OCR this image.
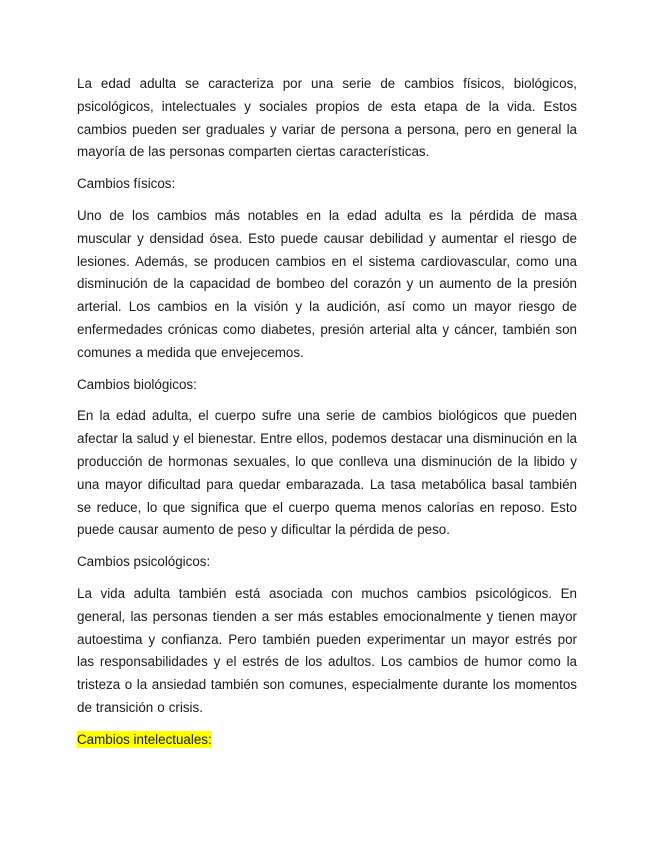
La edad adulta se caracteriza por una serie de cambios físicos, biológicos, psicológicos, intelectuales y sociales propios de esta etapa de la vida. Estos cambios pueden ser graduales y variar de persona a persona, pero en general la mayoría de las personas comparten ciertas características.

Cambios físicos:

Uno de los cambios más notables en la edad adulta es la pérdida de masa muscular y densidad ósea. Esto puede causar debilidad y aumentar el riesgo de lesiones. Además, se producen cambios en el sistema cardiovascular, como una disminución de la capacidad de bombeo del corazón y un aumento de la presión arterial. Los cambios en la visión y la audición, así como un mayor riesgo de enfermedades crónicas como diabetes, presión arterial alta y cáncer, también son comunes a medida que envejecemos.

Cambios biológicos:

En la edad adulta, el cuerpo sufre una serie de cambios biológicos que pueden afectar la salud y el bienestar. Entre ellos, podemos destacar una disminución en la producción de hormonas sexuales, lo que conlleva una disminución de la libido y una mayor dificultad para quedar embarazada. La tasa metabólica basal también se reduce, lo que significa que el cuerpo quema menos calorías en reposo. Esto puede causar aumento de peso y dificultar la pérdida de peso.

Cambios psicológicos:

La vida adulta también está asociada con muchos cambios psicológicos. En general, las personas tienden a ser más estables emocionalmente y tienen mayor autoestima y confianza. Pero también pueden experimentar un mayor estrés por las responsabilidades y el estrés de los adultos. Los cambios de humor como la tristeza o la ansiedad también son comunes, especialmente durante los momentos de transición o crisis.

Cambios intelectuales:
